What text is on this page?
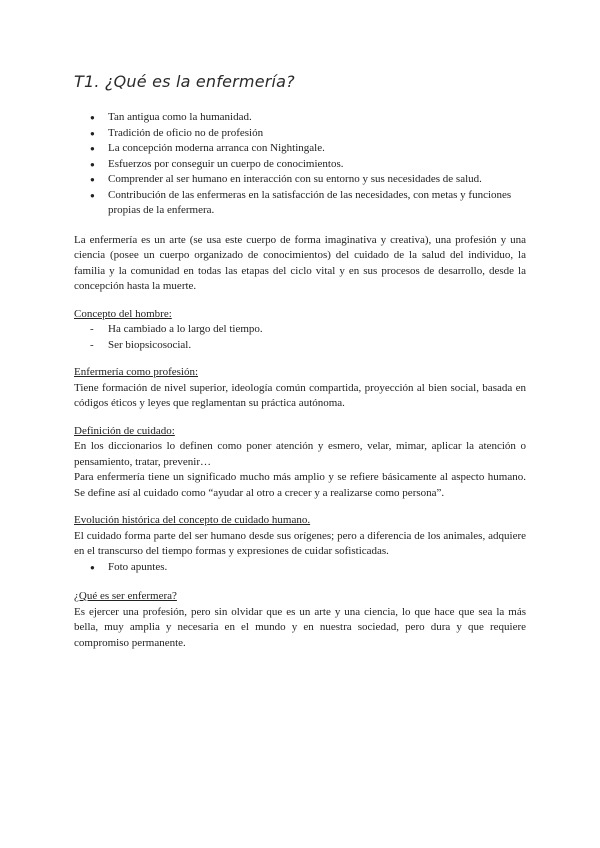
T1. ¿Qué es la enfermería?
● Tan antigua como la humanidad.
● Tradición de oficio no de profesión
● La concepción moderna arranca con Nightingale.
● Esfuerzos por conseguir un cuerpo de conocimientos.
● Comprender al ser humano en interacción con su entorno y sus necesidades de salud.
● Contribución de las enfermeras en la satisfacción de las necesidades, con metas y funciones propias de la enfermera.

La enfermería es un arte (se usa este cuerpo de forma imaginativa y creativa), una profesión y una ciencia (posee un cuerpo organizado de conocimientos) del cuidado de la salud del individuo, la familia y la comunidad en todas las etapas del ciclo vital y en sus procesos de desarrollo, desde la concepción hasta la muerte.

Concepto del hombre:
- Ha cambiado a lo largo del tiempo.
- Ser biopsicosocial.
Enfermería como profesión:

Tiene formación de nivel superior, ideología común compartida, proyección al bien social, basada en códigos éticos y leyes que reglamentan su práctica autónoma.

Definición de cuidado:

En los diccionarios lo definen como poner atención y esmero, velar, mimar, aplicar la atención o pensamiento, tratar, prevenir…

Para enfermería tiene un significado mucho más amplio y se refiere básicamente al aspecto humano. Se define así al cuidado como “ayudar al otro a crecer y a realizarse como persona”.

Evolución histórica del concepto de cuidado humano.

El cuidado forma parte del ser humano desde sus orígenes; pero a diferencia de los animales, adquiere en el transcurso del tiempo formas y expresiones de cuidar sofisticadas.

● Foto apuntes.
¿Qué es ser enfermera?

Es ejercer una profesión, pero sin olvidar que es un arte y una ciencia, lo que hace que sea la más bella, muy amplia y necesaria en el mundo y en nuestra sociedad, pero dura y que requiere compromiso permanente.
